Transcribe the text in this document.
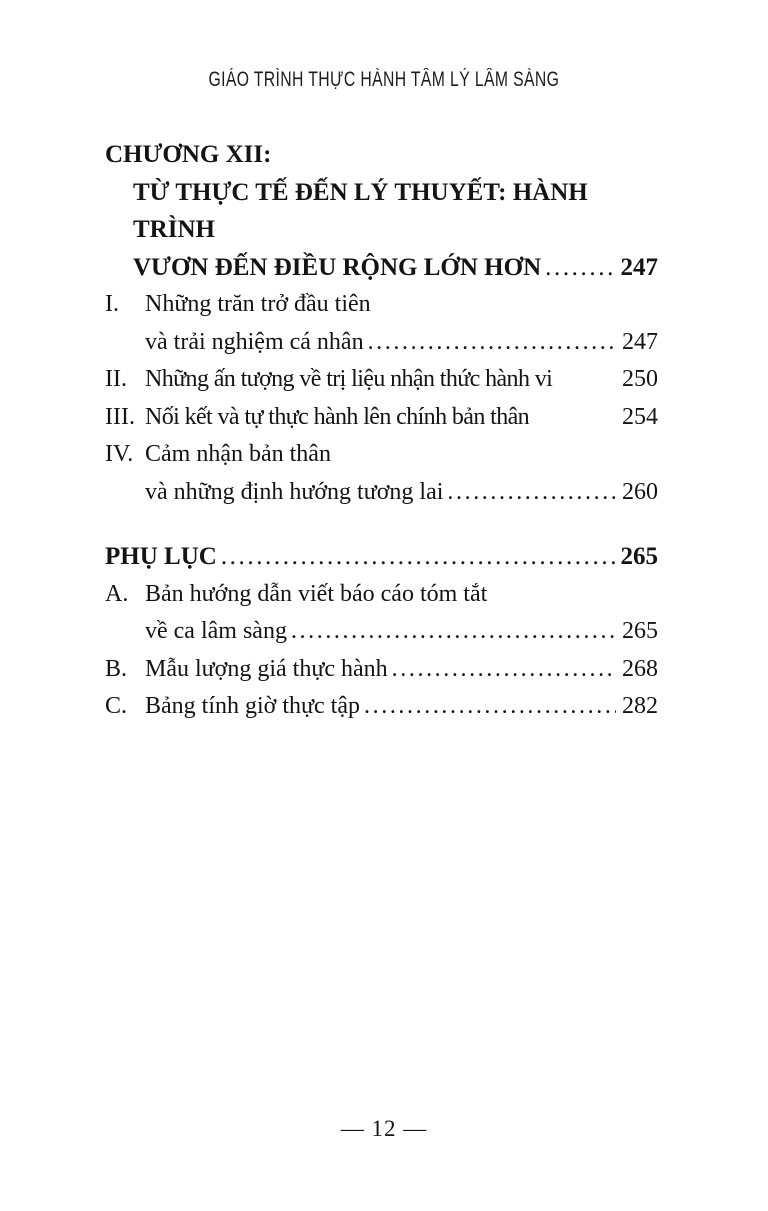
GIÁO TRÌNH THỰC HÀNH TÂM LÝ LÂM SÀNG
CHƯƠNG XII:
TỪ THỰC TẾ ĐẾN LÝ THUYẾT: HÀNH TRÌNH
VƯƠN ĐẾN ĐIỀU RỘNG LỚN HƠN .....	247
I.	Những trăn trở đầu tiên
và trải nghiệm cá nhân .....	247
II. Những ấn tượng về trị liệu nhận thức hành vi	250
III. Nối kết và tự thực hành lên chính bản thân	254
IV. Cảm nhận bản thân
và những định hướng tương lai .....	260
PHỤ LỤC .....	265
A. Bản hướng dẫn viết báo cáo tóm tắt
về ca lâm sàng .....	265
B. Mẫu lượng giá thực hành .....	268
C. Bảng tính giờ thực tập .....	282
— 12 —
